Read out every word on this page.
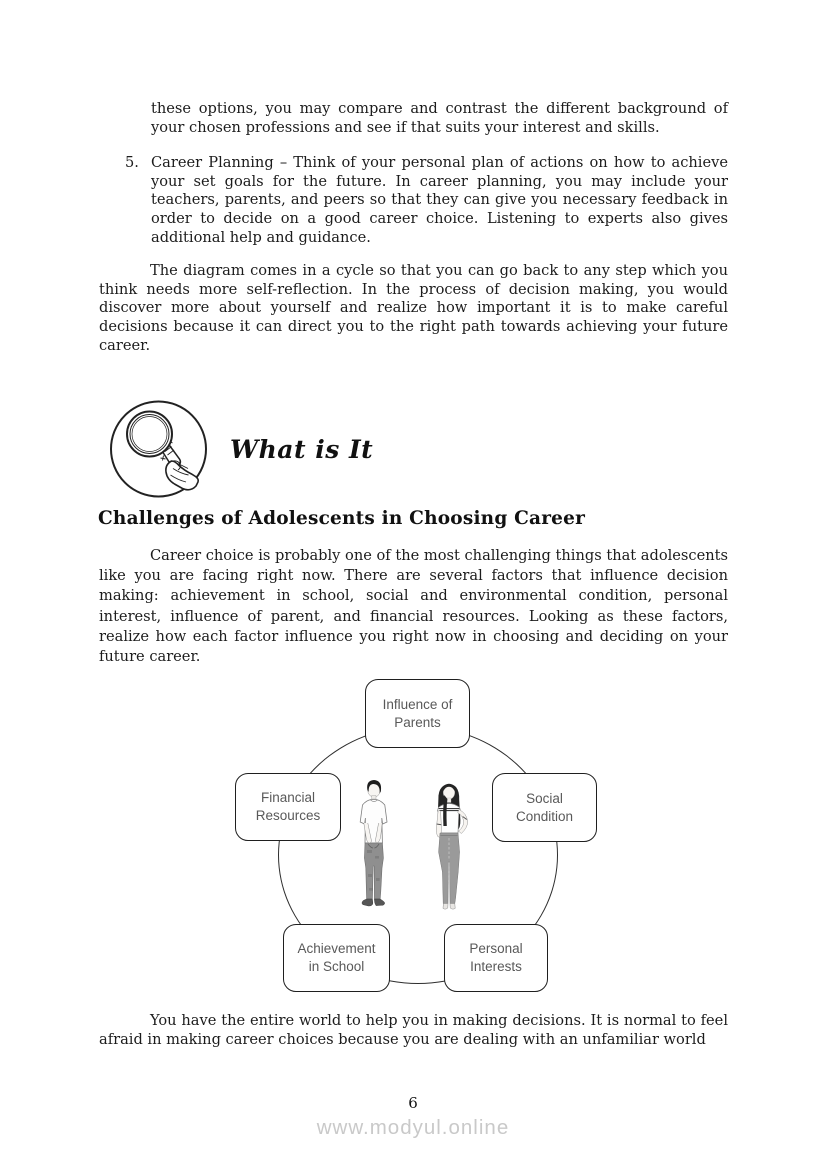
these options, you may compare and contrast the different background of your chosen professions and see if that suits your interest and skills.

5. Career Planning – Think of your personal plan of actions on how to achieve your set goals for the future. In career planning, you may include your teachers, parents, and peers so that they can give you necessary feedback in order to decide on a good career choice. Listening to experts also gives additional help and guidance.

The diagram comes in a cycle so that you can go back to any step which you think needs more self-reflection. In the process of decision making, you would discover more about yourself and realize how important it is to make careful decisions because it can direct you to the right path towards achieving your future career.

What is It
Challenges of Adolescents in Choosing Career

Career choice is probably one of the most challenging things that adolescents like you are facing right now. There are several factors that influence decision making: achievement in school, social and environmental condition, personal interest, influence of parent, and financial resources. Looking as these factors, realize how each factor influence you right now in choosing and deciding on your future career.

Influence of
Parents
Financial
Resources
Social
Condition
Achievement
in School
Personal
Interests

You have the entire world to help you in making decisions. It is normal to feel afraid in making career choices because you are dealing with an unfamiliar world

6
www.modyul.online
